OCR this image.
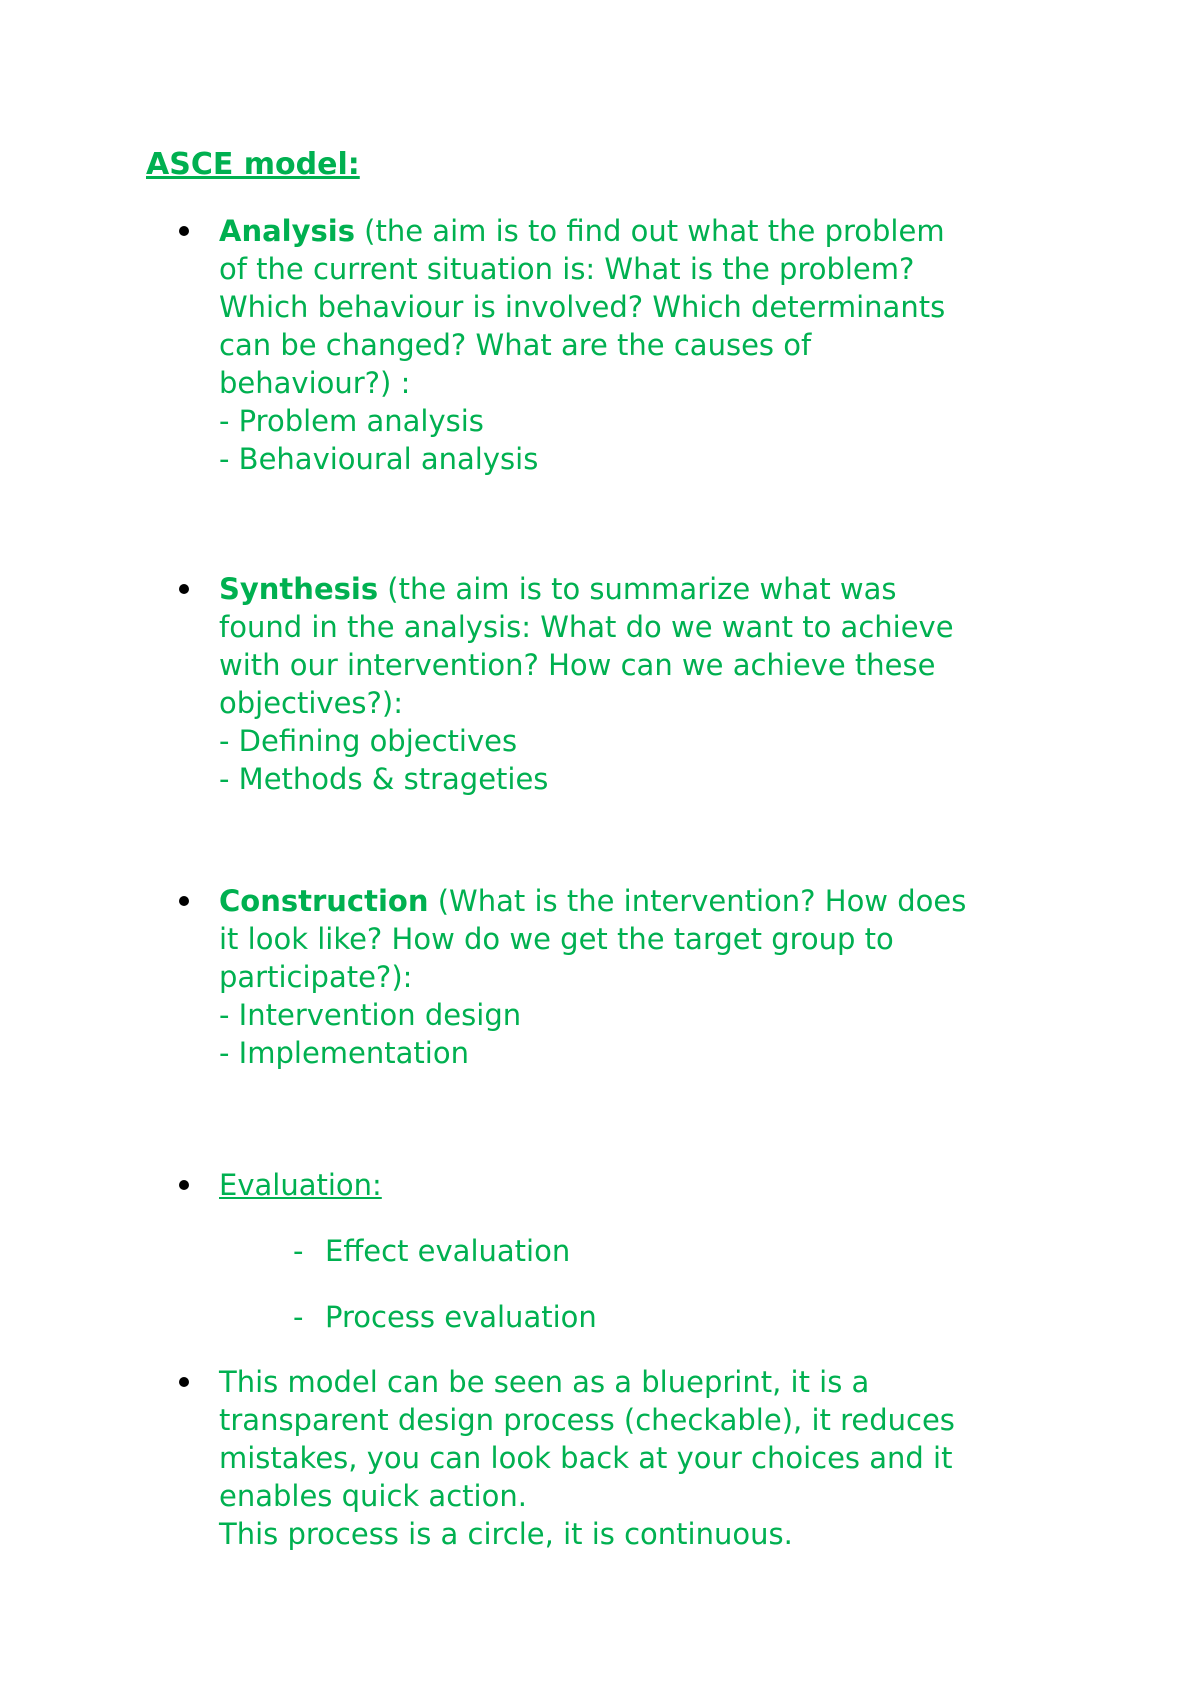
ASCE model:
Analysis (the aim is to find out what the problem
of the current situation is: What is the problem?
Which behaviour is involved? Which determinants
can be changed? What are the causes of
behaviour?) :
- Problem analysis
- Behavioural analysis
Synthesis (the aim is to summarize what was
found in the analysis: What do we want to achieve
with our intervention? How can we achieve these
objectives?):
- Defining objectives
- Methods & strageties
Construction (What is the intervention? How does
it look like? How do we get the target group to
participate?):
- Intervention design
- Implementation
Evaluation:
This model can be seen as a blueprint, it is a
transparent design process (checkable), it reduces
mistakes, you can look back at your choices and it
enables quick action.
This process is a circle, it is continuous.
- Effect evaluation
- Process evaluation
